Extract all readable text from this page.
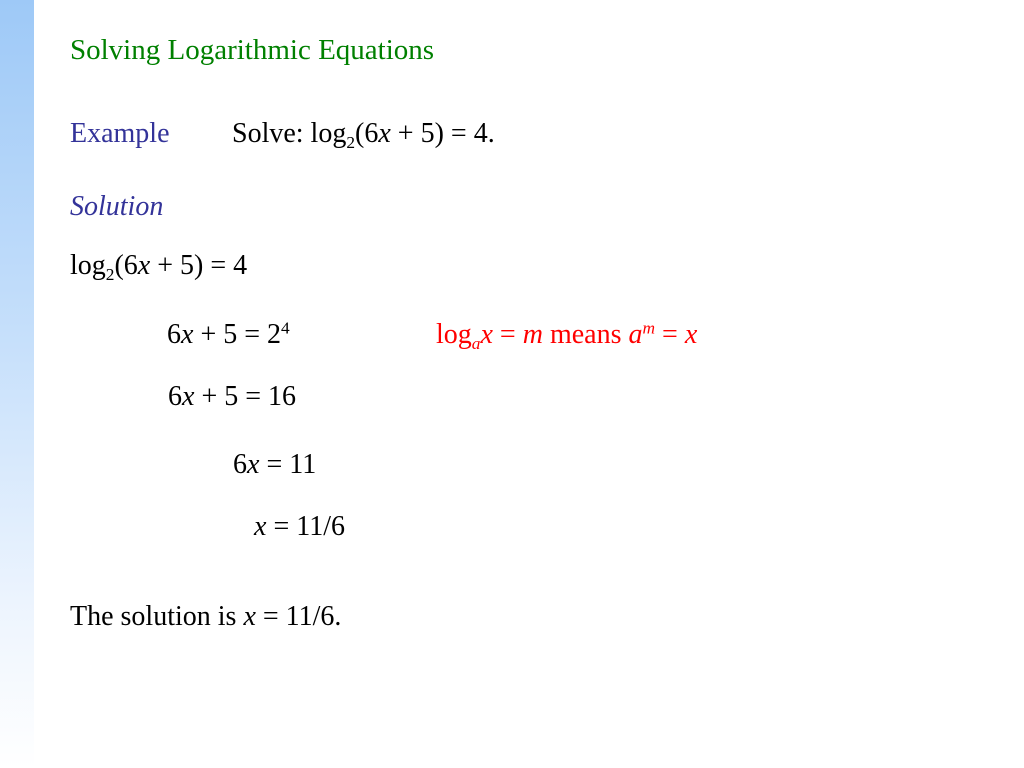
Solving Logarithmic Equations
Example Solve: $\log_2(6x + 5) = 4$.
Solution
$\log_2(6x + 5) = 4$
$6x + 5 = 2^4$	$\log_ax = m$ means $a^m = x$
6x + 5 = 16
6x = 11
x = 11/6
The solution is x = 11/6.
